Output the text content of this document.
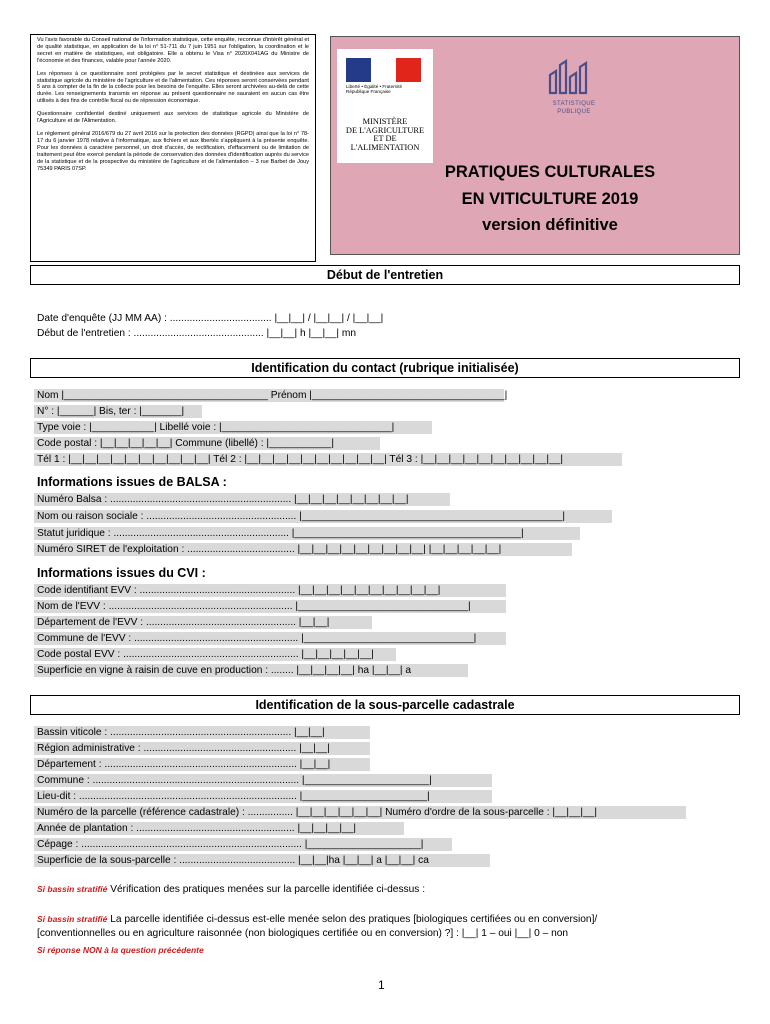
Vu l'avis favorable du Conseil national de l'information statistique, cette enquête, reconnue d'intérêt général et de qualité statistique, en application de la loi n° 51-711 du 7 juin 1951 sur l'obligation, la coordination et le secret en matière de statistiques, est obligatoire. Elle a obtenu le Visa n° 2020X041AG du Ministre de l'économie et des finances, valable pour l'année 2020.

Les réponses à ce questionnaire sont protégées par le secret statistique et destinées aux services de statistique agricole du ministère de l'agriculture et de l'alimentation. Ces réponses seront conservées pendant 5 ans à compter de la fin de la collecte pour les besoins de l'enquête. Elles seront archivées au-delà de cette durée. Les renseignements transmis en réponse au présent questionnaire ne sauraient en aucun cas être utilisés à des fins de contrôle fiscal ou de répression économique.

Questionnaire confidentiel destiné uniquement aux services de statistique agricole du Ministère de l'Agriculture et de l'Alimentation.

Le règlement général 2016/679 du 27 avril 2016 sur la protection des données (RGPD) ainsi que la loi n° 78-17 du 6 janvier 1978 relative à l'informatique, aux fichiers et aux libertés s'appliquent à la présente enquête. Pour les données à caractère personnel, un droit d'accès, de rectification, d'effacement ou de limitation de traitement peut être exercé pendant la période de conservation des données d'identification auprès du service de la statistique et de la prospective du ministère de l'agriculture et de l'alimentation – 3 rue Barbet de Jouy 75349 PARIS 07SP.

Liberté • Égalité • Fraternité
République Française
MINISTÈRE
DE L'AGRICULTURE
ET DE
L'ALIMENTATION
STATISTIQUE
PUBLIQUE
PRATIQUES CULTURALES
EN VITICULTURE 2019
version définitive
Début de l'entretien
Date d'enquête (JJ MM AA) : .................................... |__|__| / |__|__| / |__|__|
Début de l'entretien : .............................................. |__|__| h |__|__| mn
Identification du contact (rubrique initialisée)
Nom |____________________________________ Prénom |__________________________________|
N° : |______| Bis, ter : |_______|
Type voie : |___________| Libellé voie : |______________________________|
Code postal : |__|__|__|__|__| Commune (libellé) : |___________|
Tél 1 : |__|__|__|__|__|__|__|__|__|__| Tél 2 : |__|__|__|__|__|__|__|__|__|__| Tél 3 : |__|__|__|__|__|__|__|__|__|__|
Informations issues de BALSA :
Numéro Balsa : ................................................................ |__|__|__|__|__|__|__|__|
Nom ou raison sociale : ..................................................... |______________________________________________|
Statut juridique : .............................................................. |________________________________________|
Numéro SIRET de l'exploitation : ...................................... |__|__|__|__|__|__|__|__|__| |__|__|__|__|__|
Informations issues du CVI :
Code identifiant EVV : ....................................................... |__|__|__|__|__|__|__|__|__|__|
Nom de l'EVV : ................................................................. |______________________________|
Département de l'EVV : ..................................................... |__|__|
Commune de l'EVV : .......................................................... |______________________________|
Code postal EVV : .............................................................. |__|__|__|__|__|
Superficie en vigne à raisin de cuve en production : ........ |__|__|__|__| ha |__|__| a
Identification de la sous-parcelle cadastrale
Bassin viticole : ................................................................ |__|__|
Région administrative : ...................................................... |__|__|
Département : .................................................................... |__|__|
Commune : ......................................................................... |______________________|
Lieu-dit : ............................................................................. |______________________|
Numéro de la parcelle (référence cadastrale) : ................ |__|__|__|__|__|__| Numéro d'ordre de la sous-parcelle : |__|__|__|
Année de plantation : ........................................................ |__|__|__|__|
Cépage : .............................................................................. |____________________|
Superficie de la sous-parcelle : ......................................... |__|__|ha |__|__| a |__|__| ca
Si bassin stratifié Vérification des pratiques menées sur la parcelle identifiée ci-dessus :
Si bassin stratifié La parcelle identifiée ci-dessus est-elle menée selon des pratiques [biologiques certifiées ou en conversion]/
[conventionnelles ou en agriculture raisonnée (non biologiques certifiée ou en conversion) ?] : |__| 1 – oui |__| 0 – non
Si réponse NON à la question précédente
1
